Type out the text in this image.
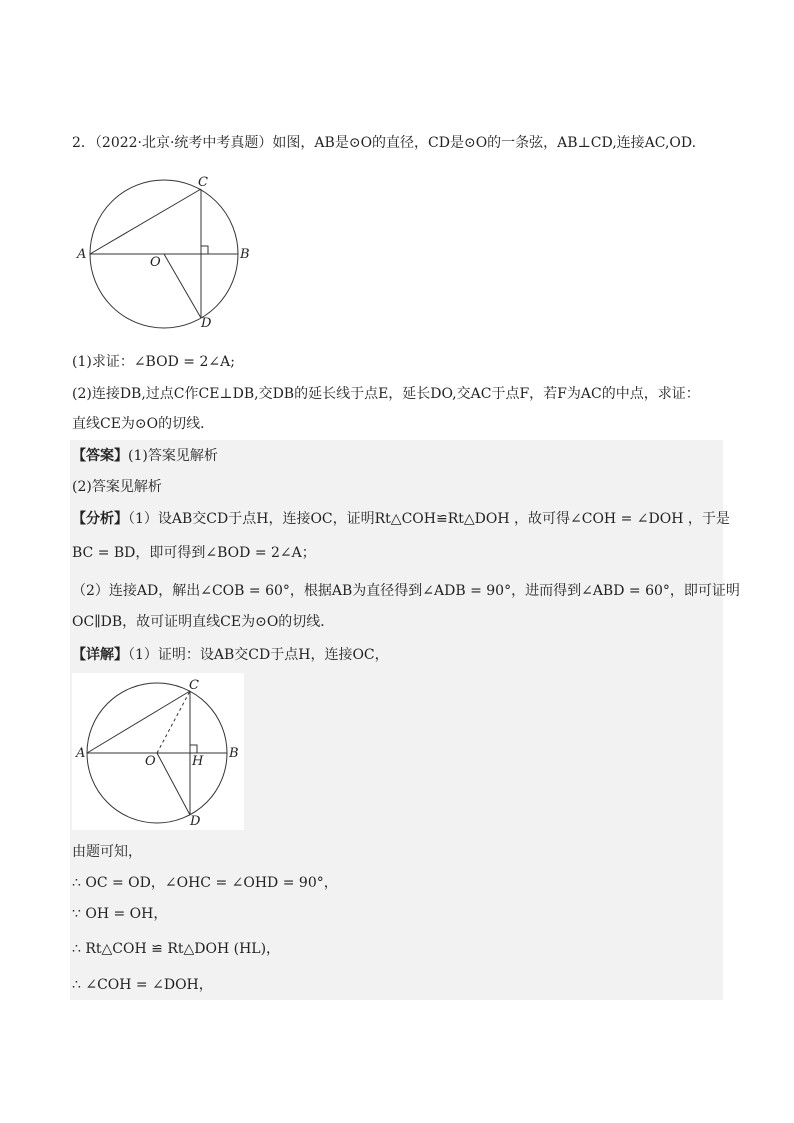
2．（2022·北京·统考中考真题）如图，AB是⊙O的直径，CD是⊙O的一条弦，AB⊥CD,连接AC,OD.
A	B
C
D
O
(1)求证：∠BOD = 2∠A;
(2)连接DB,过点C作CE⊥DB,交DB的延长线于点E，延长DO,交AC于点F，若F为AC的中点，求证：
直线CE为⊙O的切线．
【答案】(1)答案见解析
(2)答案见解析
【分析】（1）设AB交CD于点H，连接OC，证明Rt△COH≌Rt△DOH ，故可得∠COH = ∠DOH ，于是
BC = BD，即可得到∠BOD = 2∠A；
（2）连接AD，解出∠COB = 60°，根据AB为直径得到∠ADB = 90°，进而得到∠ABD = 60°，即可证明
OC∥DB，故可证明直线CE为⊙O的切线．
【详解】（1）证明：设AB交CD于点H，连接OC，
A	B
C
D
O	H
由题可知，
∴ OC = OD，∠OHC = ∠OHD = 90°，
∵ OH = OH，
∴ Rt△COH ≌ Rt△DOH (HL)，
∴ ∠COH = ∠DOH，
